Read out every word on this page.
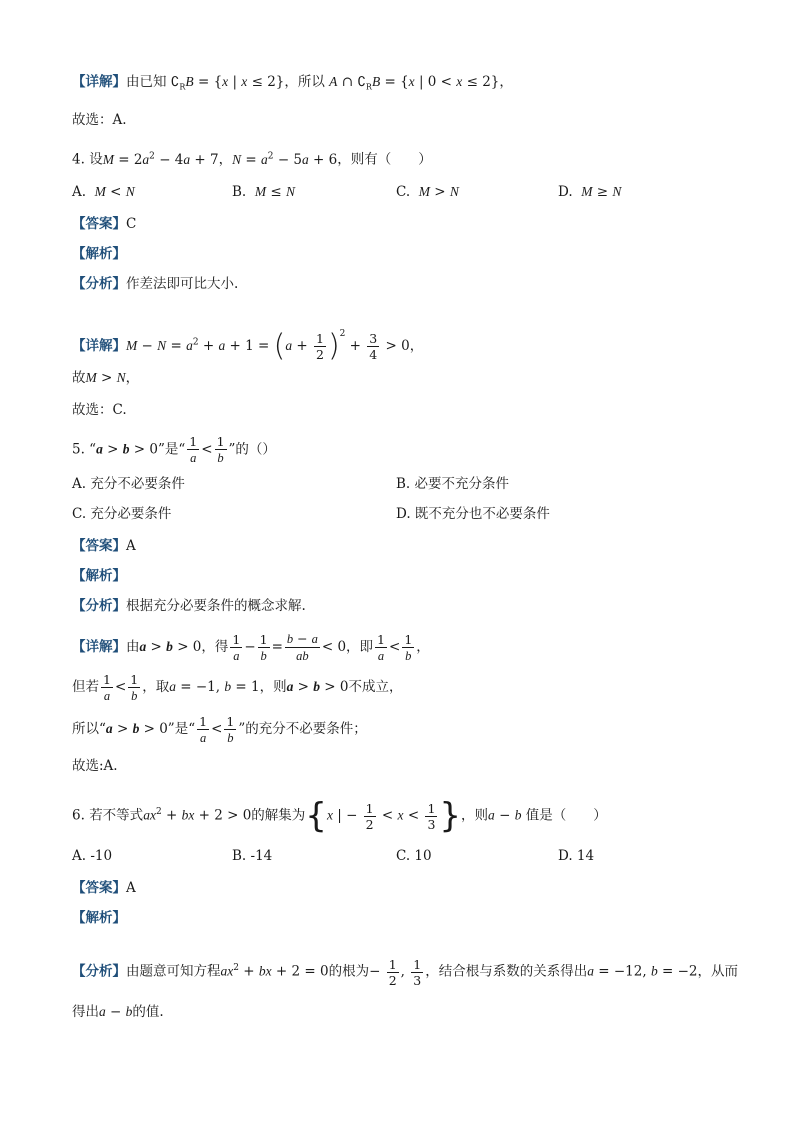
【详解】由已知 $∁_RB = \{x$ | x ≤ 2}，所以 A ∩ $∁_RB = \{x$ | 0 < x ≤ 2}，
故选：A.
4. 设$M = 2a^2 - 4a + 7$，$N = a^2 - 5a + 6$，则有（　　）
A. M < N	B. M ≤ N	C. M > N	D. M ≥ N
【答案】C
【解析】
【分析】作差法即可比大小.
【详解】$M - N = a^2 + a + 1 = (a + \frac{1}{2} )^2 + \frac{3}{4} > 0$，
故M > N，
故选：C.
5. “a > b > 0”是“ $\frac{1}{a} < \frac{1}{b}$ ”的（）
A. 充分不必要条件	B. 必要不充分条件
C. 充分必要条件	D. 既不充分也不必要条件
【答案】A
【解析】
【分析】根据充分必要条件的概念求解.
【详解】由a > b > 0，得 $\frac{1}{a} - \frac{1}{b} = \frac{b - a}{ab} < 0$，即 $\frac{1}{a} < \frac{1}{b}$ ，
但若 $\frac{1}{a} < \frac{1}{b}$ ，取a = −1, b = 1，则a > b > 0不成立，
所以“a > b > 0”是“ $\frac{1}{a} < \frac{1}{b}$ ”的充分不必要条件；
故选:A.
6. 若不等式$ax^2$ + bx + 2 > 0的解集为{x | − $\frac{1}{2} < x < \frac{1}{3}$ }，则a − b 值是（　　）
A. -10	B. -14	C. 10	D. 14
【答案】A
【解析】
【分析】由题意可知方程$ax^2$ + bx + 2 = 0的根为− $\frac{1}{2}$ , $\frac{1}{3}$ ，结合根与系数的关系得出a = −12, b = −2，从而
得出a − b的值.
